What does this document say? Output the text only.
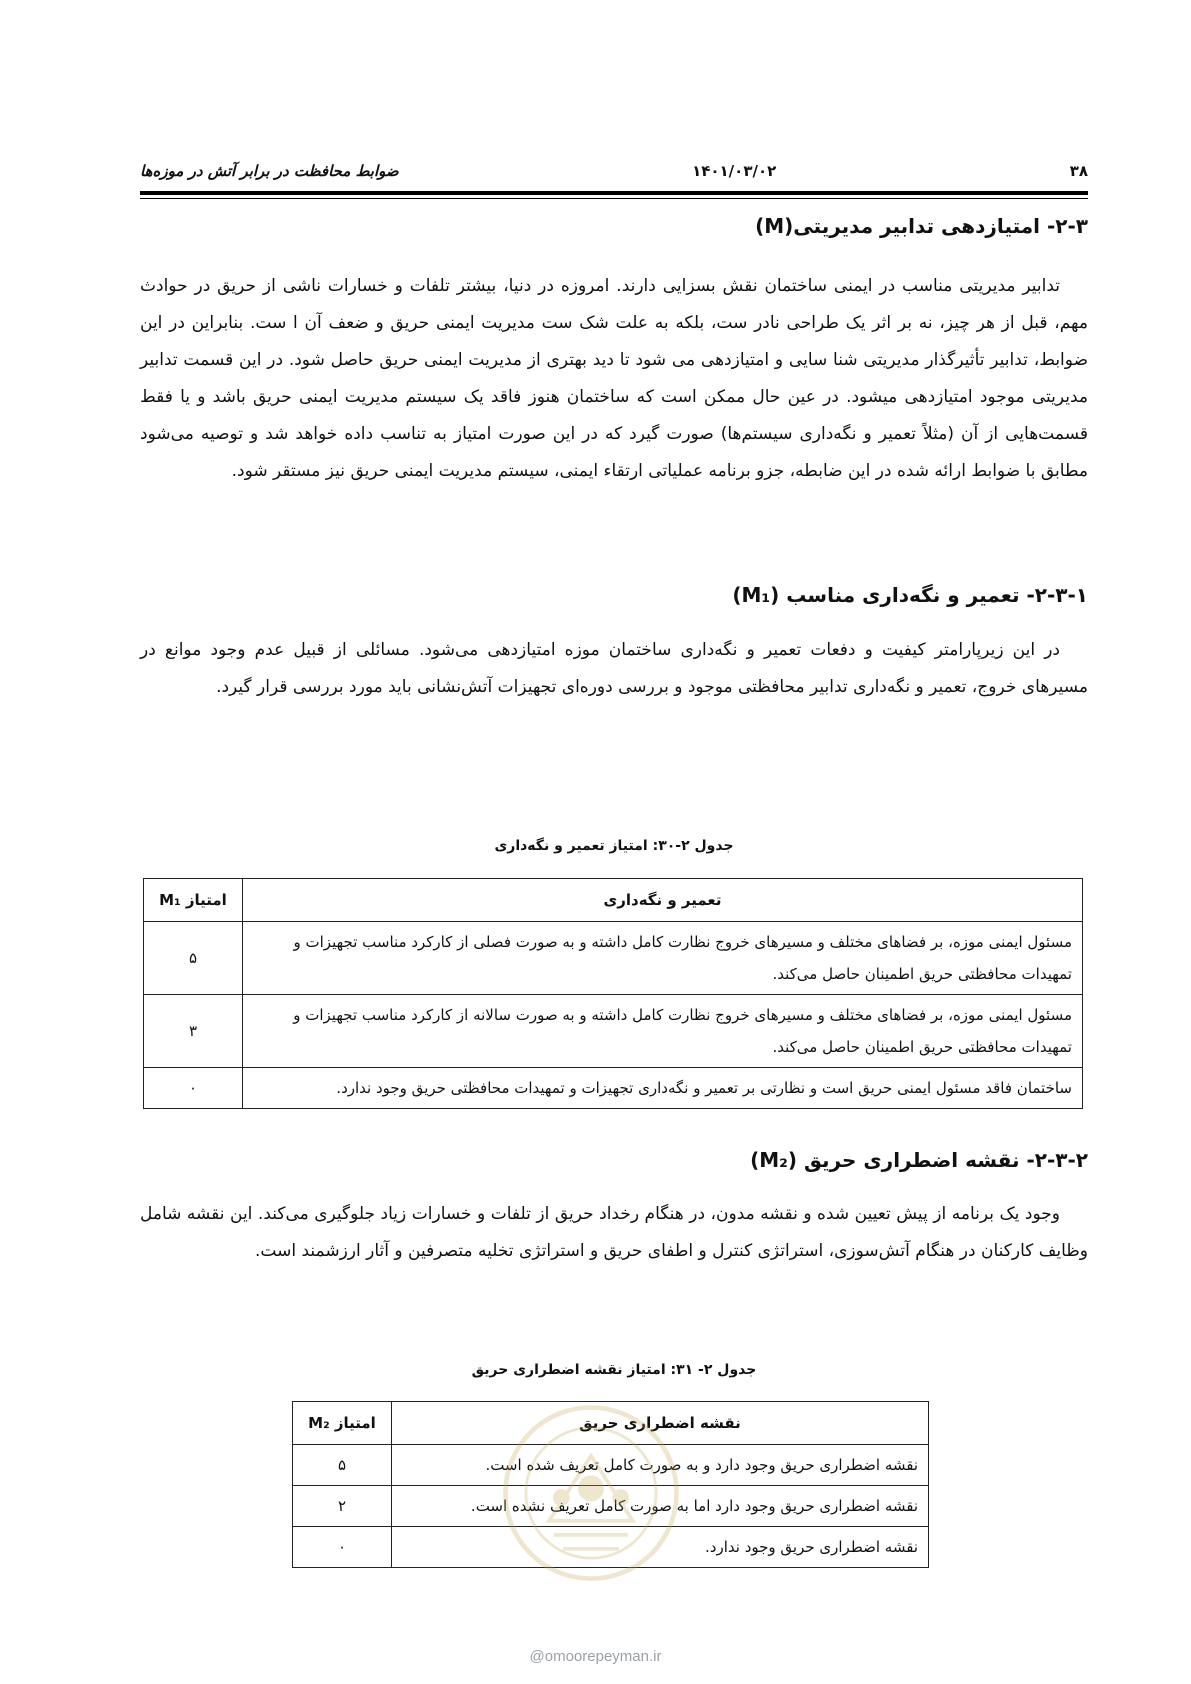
۳۸
۱۴۰۱/۰۳/۰۲
ضوابط محافظت در برابر آتش در موزه‌ها
۲-۳- امتیازدهی تدابیر مدیریتی(M)

تدابیر مدیریتی مناسب در ایمنی ساختمان نقش بسزایی دارند. امروزه در دنیا، بیشتر تلفات و خسارات ناشی از حریق در حوادث مهم، قبل از هر چیز، نه بر اثر یک طراحی نادر ست، بلکه به علت شک ست مدیریت ایمنی حریق و ضعف آن ا ست. بنابراین در این ضوابط، تدابیر تأثیرگذار مدیریتی شنا سایی و امتیازدهی می شود تا دید بهتری از مدیریت ایمنی حریق حاصل شود. در این قسمت تدابیر مدیریتی موجود امتیازدهی میشود. در عین حال ممکن است که ساختمان هنوز فاقد یک سیستم مدیریت ایمنی حریق باشد و یا فقط قسمت‌هایی از آن (مثلاً تعمیر و نگه‌داری سیستم‌ها) صورت گیرد که در این صورت امتیاز به تناسب داده خواهد شد و توصیه می‌شود مطابق با ضوابط ارائه شده در این ضابطه، جزو برنامه عملیاتی ارتقاء ایمنی، سیستم مدیریت ایمنی حریق نیز مستقر شود.

۲-۳-۱- تعمیر و نگه‌داری مناسب (M₁)

در این زیرپارامتر کیفیت و دفعات تعمیر و نگه‌داری ساختمان موزه امتیازدهی می‌شود. مسائلی از قبیل عدم وجود موانع در مسیرهای خروج، تعمیر و نگه‌داری تدابیر محافظتی موجود و بررسی دوره‌ای تجهیزات آتش‌نشانی باید مورد بررسی قرار گیرد.

جدول ۲-۳۰: امتیاز تعمیر و نگه‌داری
تعمیر و نگه‌داری	امتیاز M₁
مسئول ایمنی موزه، بر فضاهای مختلف و مسیرهای خروج نظارت کامل داشته و به صورت فصلی از کارکرد مناسب تجهیزات و تمهیدات محافظتی حریق اطمینان حاصل می‌کند.	۵
مسئول ایمنی موزه، بر فضاهای مختلف و مسیرهای خروج نظارت کامل داشته و به صورت سالانه از کارکرد مناسب تجهیزات و تمهیدات محافظتی حریق اطمینان حاصل می‌کند.	۳
ساختمان فاقد مسئول ایمنی حریق است و نظارتی بر تعمیر و نگه‌داری تجهیزات و تمهیدات محافظتی حریق وجود ندارد.	۰
۲-۳-۲- نقشه اضطراری حریق (M₂)

وجود یک برنامه از پیش تعیین شده و نقشه مدون، در هنگام رخداد حریق از تلفات و خسارات زیاد جلوگیری می‌کند. این نقشه شامل وظایف کارکنان در هنگام آتش‌سوزی، استراتژی کنترل و اطفای حریق و استراتژی تخلیه متصرفین و آثار ارزشمند است.

جدول ۲- ۳۱: امتیاز نقشه اضطراری حریق
نقشه اضطراری حریق	امتیاز M₂
نقشه اضطراری حریق وجود دارد و به صورت کامل تعریف شده است.	۵
نقشه اضطراری حریق وجود دارد اما به صورت کامل تعریف نشده است.	۲
نقشه اضطراری حریق وجود ندارد.	۰
@omoorepeyman.ir
